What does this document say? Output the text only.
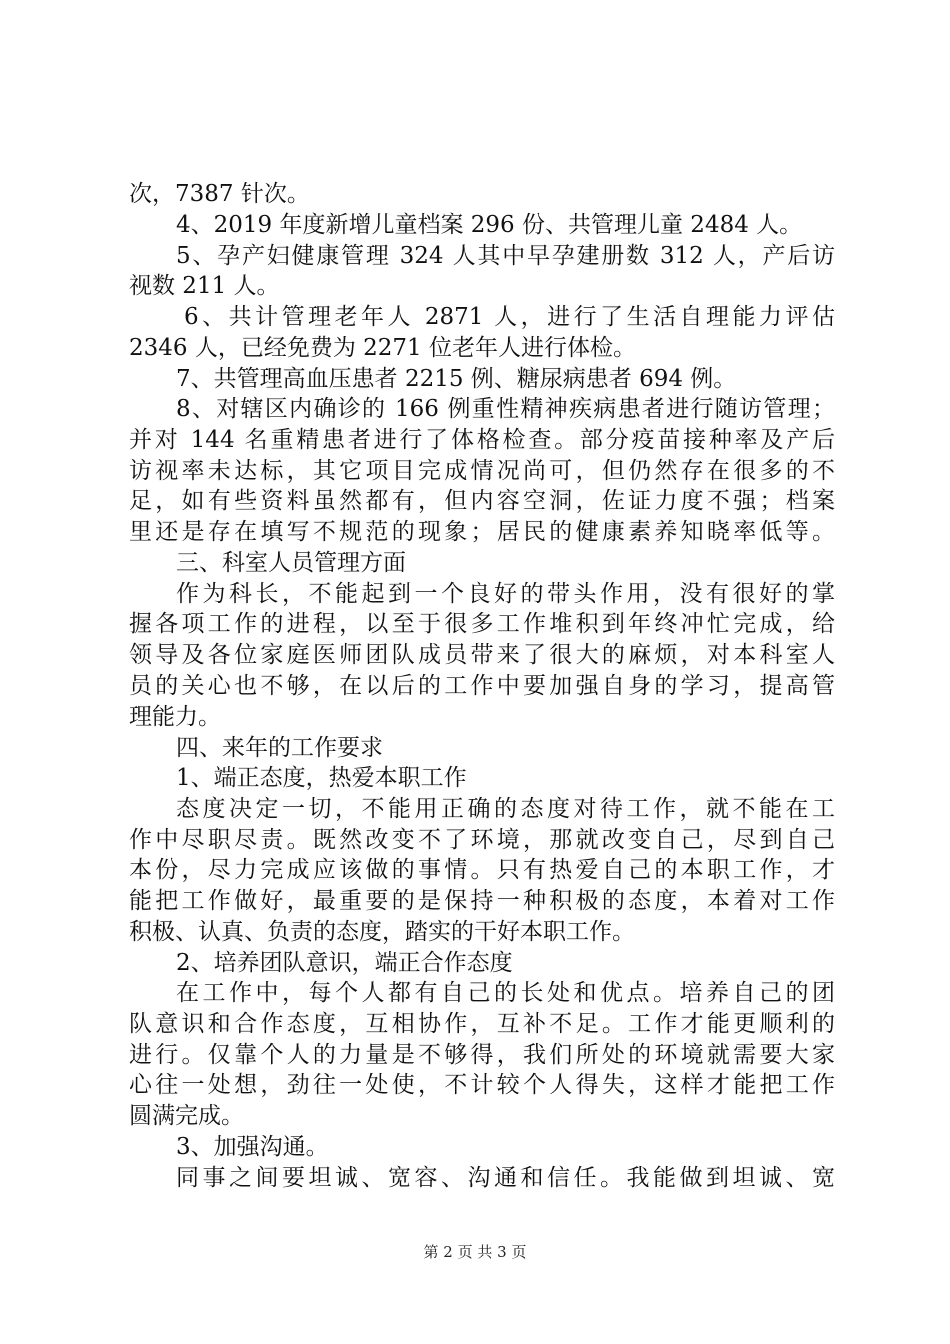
次，7387 针次。
4、2019 年度新增儿童档案 296 份、共管理儿童 2484 人。
5、孕产妇健康管理 324 人其中早孕建册数 312 人，产后访
视数 211 人。
6、共计管理老年人 2871 人，进行了生活自理能力评估
2346 人，已经免费为 2271 位老年人进行体检。
7、共管理高血压患者 2215 例、糖尿病患者 694 例。
8、对辖区内确诊的 166 例重性精神疾病患者进行随访管理；
并对 144 名重精患者进行了体格检查。部分疫苗接种率及产后
访视率未达标，其它项目完成情况尚可，但仍然存在很多的不
足，如有些资料虽然都有，但内容空洞，佐证力度不强；档案
里还是存在填写不规范的现象；居民的健康素养知晓率低等。
三、科室人员管理方面
作为科长，不能起到一个良好的带头作用，没有很好的掌
握各项工作的进程，以至于很多工作堆积到年终冲忙完成，给
领导及各位家庭医师团队成员带来了很大的麻烦，对本科室人
员的关心也不够，在以后的工作中要加强自身的学习，提高管
理能力。
四、来年的工作要求
1、端正态度，热爱本职工作
态度决定一切，不能用正确的态度对待工作，就不能在工
作中尽职尽责。既然改变不了环境，那就改变自己，尽到自己
本份，尽力完成应该做的事情。只有热爱自己的本职工作，才
能把工作做好，最重要的是保持一种积极的态度，本着对工作
积极、认真、负责的态度，踏实的干好本职工作。
2、培养团队意识，端正合作态度
在工作中，每个人都有自己的长处和优点。培养自己的团
队意识和合作态度，互相协作，互补不足。工作才能更顺利的
进行。仅靠个人的力量是不够得，我们所处的环境就需要大家
心往一处想，劲往一处使，不计较个人得失，这样才能把工作
圆满完成。
3、加强沟通。
同事之间要坦诚、宽容、沟通和信任。我能做到坦诚、宽
第 2 页 共 3 页
